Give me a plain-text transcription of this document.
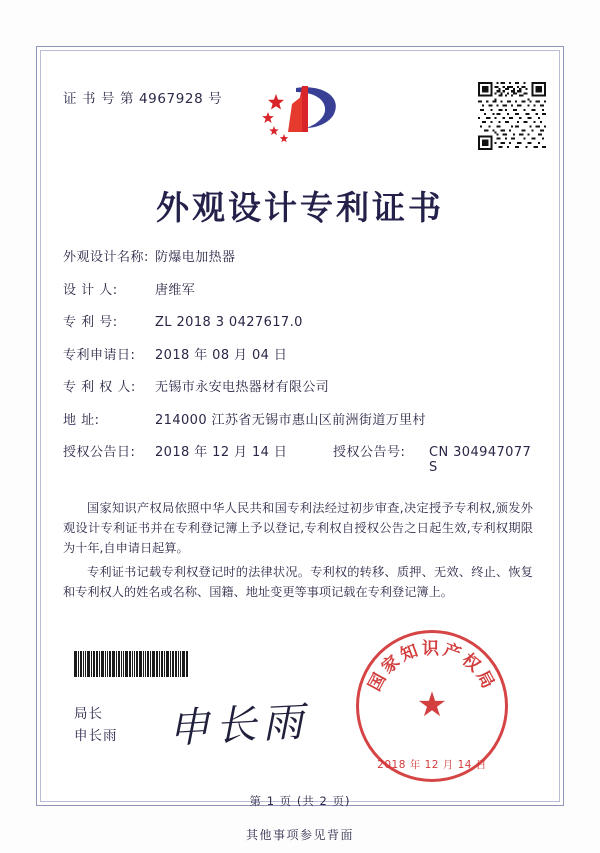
证 书 号 第 4967928 号
外观设计专利证书
外观设计名称: 防爆电加热器
设 计 人:	唐维军
专 利 号:	ZL 2018 3 0427617.0
专利申请日:	2018 年 08 月 04 日
专 利 权 人:	无锡市永安电热器材有限公司
地 址:	214000 江苏省无锡市惠山区前洲街道万里村
授权公告日:	2018 年 12 月 14 日	授权公告号:	CN 304947077 S

国家知识产权局依照中华人民共和国专利法经过初步审查,决定授予专利权,颁发外观设计专利证书并在专利登记簿上予以登记,专利权自授权公告之日起生效,专利权期限为十年,自申请日起算。

专利证书记载专利权登记时的法律状况。专利权的转移、质押、无效、终止、恢复和专利权人的姓名或名称、国籍、地址变更等事项记载在专利登记簿上。

局长
申长雨 申长雨
国家知识产权局
★
2018 年 12 月 14 日
第 1 页 (共 2 页)
其他事项参见背面
